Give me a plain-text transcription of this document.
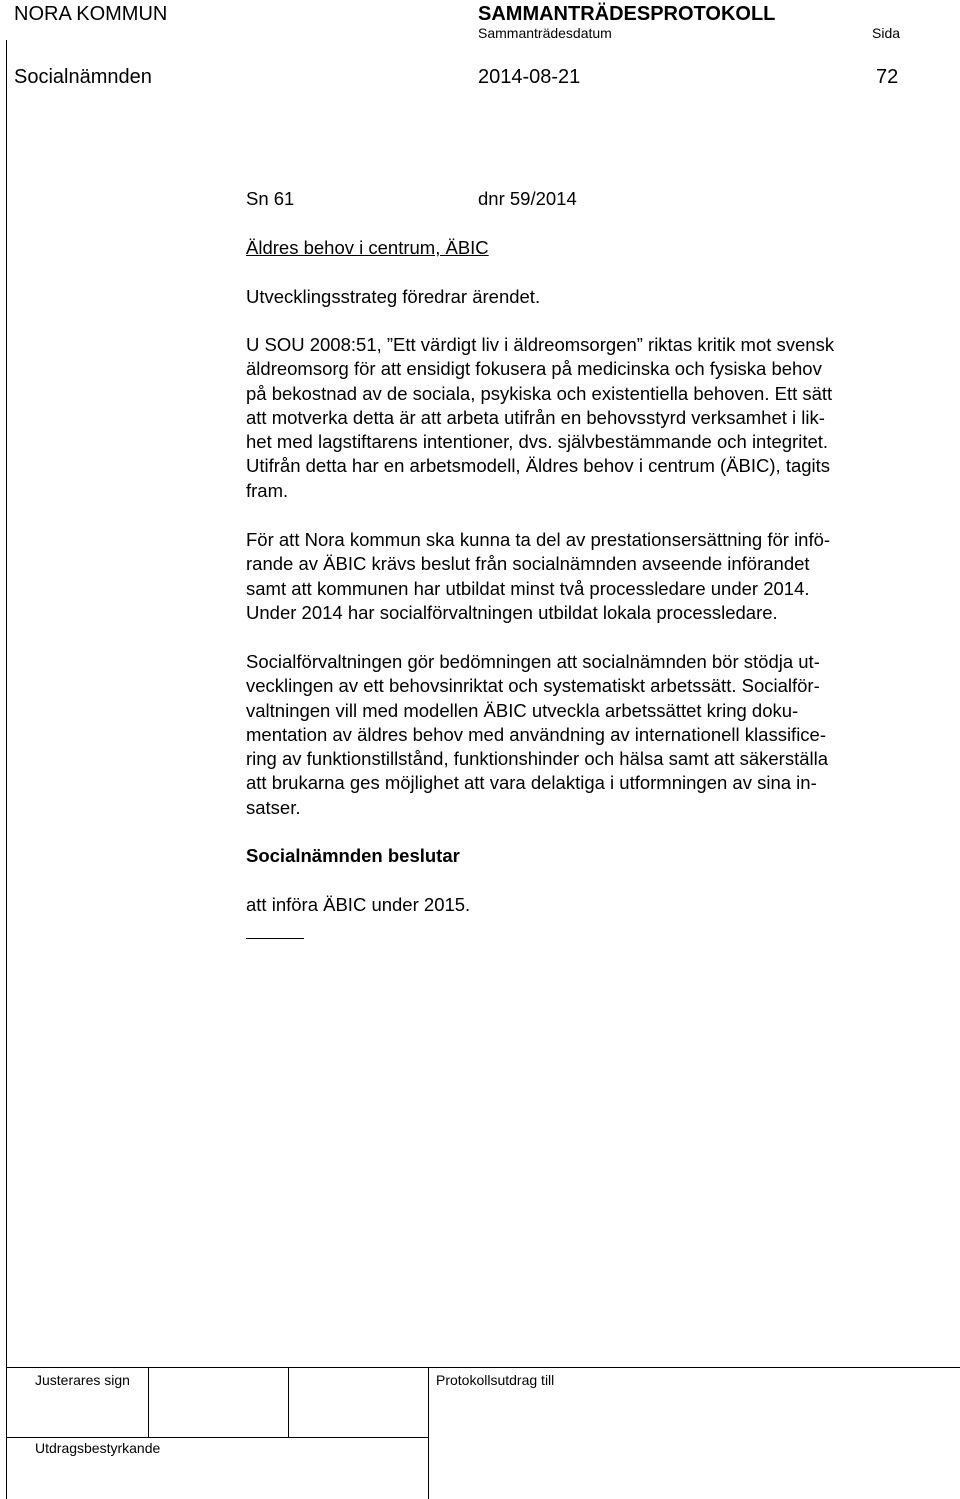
NORA KOMMUN	SAMMANTRÄDESPROTOKOLL
Sammanträdesdatum	Sida
Socialnämnden	2014-08-21	72
Sn 61	dnr 59/2014
Äldres behov i centrum, ÄBIC
Utvecklingsstrateg föredrar ärendet.
U SOU 2008:51, ”Ett värdigt liv i äldreomsorgen” riktas kritik mot svensk
äldreomsorg för att ensidigt fokusera på medicinska och fysiska behov
på bekostnad av de sociala, psykiska och existentiella behoven. Ett sätt
att motverka detta är att arbeta utifrån en behovsstyrd verksamhet i lik-
het med lagstiftarens intentioner, dvs. självbestämmande och integritet.
Utifrån detta har en arbetsmodell, Äldres behov i centrum (ÄBIC), tagits
fram.
För att Nora kommun ska kunna ta del av prestationsersättning för infö-
rande av ÄBIC krävs beslut från socialnämnden avseende införandet
samt att kommunen har utbildat minst två processledare under 2014.
Under 2014 har socialförvaltningen utbildat lokala processledare.
Socialförvaltningen gör bedömningen att socialnämnden bör stödja ut-
vecklingen av ett behovsinriktat och systematiskt arbetssätt. Socialför-
valtningen vill med modellen ÄBIC utveckla arbetssättet kring doku-
mentation av äldres behov med användning av internationell klassifice-
ring av funktionstillstånd, funktionshinder och hälsa samt att säkerställa
att brukarna ges möjlighet att vara delaktiga i utformningen av sina in-
satser.
Socialnämnden beslutar
att införa ÄBIC under 2015.
Justerares sign	Protokollsutdrag till
Utdragsbestyrkande
